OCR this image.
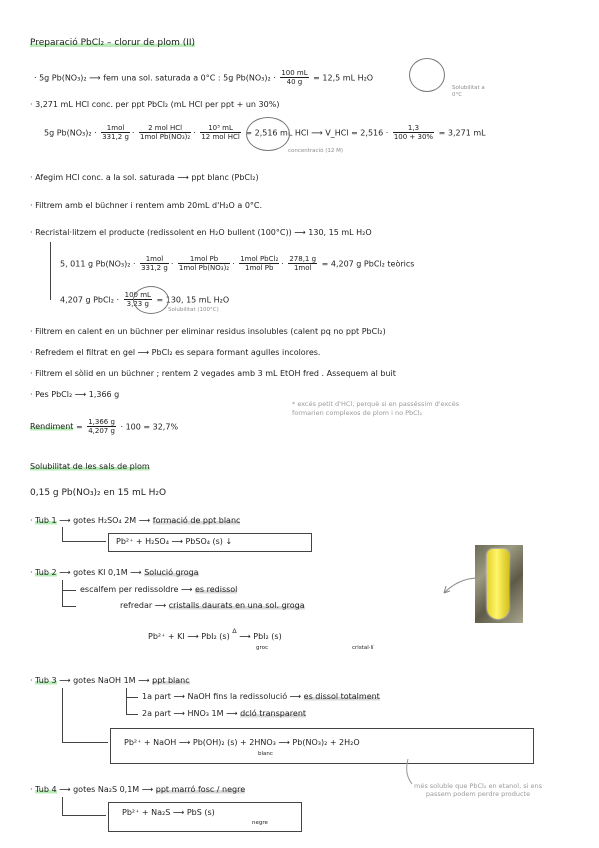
Preparació PbCl₂ – clorur de plom (II)
· 5g Pb(NO₃)₂ ⟶ fem una sol. saturada a 0°C : 5g $Pb(NO_3)_2 \cdot \frac{100 mL}{40 g} = 12,5$ mL H₂O
Solubilitat a 0°C
· 3,271 mL HCl conc. per ppt PbCl₂ (mL HCl per ppt + un 30%)
5g $Pb(NO_3)_2 \cdot \frac{\text{1mol}}{331,2 g} \cdot \frac{\text{2 mol HCl}}{\text{1mol Pb(NO₃)₂}} \cdot \frac{\text{10³ mL}}{\text{12 mol HCl}} = 2,516$ mL HCl ⟶ V_HCl = $2,516 \cdot \frac{1,3}{100 + 30\%} = 3,271$ mL
concentració (12 M)
· Afegim HCl conc. a la sol. saturada ⟶ ppt blanc (PbCl₂)
· Filtrem amb el büchner i rentem amb 20mL d'H₂O a 0°C.
· Recristal·litzem el producte (redissolent en H₂O bullent (100°C)) ⟶ 130, 15 mL H₂O
5, 011 g $Pb(NO_3)_2 \cdot \frac{\text{1mol}}{331,2 g} \cdot \frac{\text{1mol Pb}}{\text{1mol Pb(NO₃)₂}} \cdot \frac{\text{1mol PbCl₂}}{\text{1mol Pb}} \cdot \frac{278,1 g}{\text{1mol}} = 4,207$ g PbCl₂ teòrics
4,207 g PbCl₂ · $\frac{100 mL}{3,23 g} = 130$, 15 mL H₂O
Solubilitat (100°C)
· Filtrem en calent en un büchner per eliminar residus insolubles (calent pq no ppt PbCl₂)
· Refredem el filtrat en gel ⟶ PbCl₂ es separa formant agulles incolores.
· Filtrem el sòlid en un büchner ; rentem 2 vegades amb 3 mL EtOH fred . Assequem al buit
· Pes PbCl₂ ⟶ 1,366 g
Rendiment = $\frac{1,366 g}{4,207 g} \cdot 100 = 32,7\%$
* excés petit d'HCl, perquè si en passéssim d'excés formarien complexos de plom i no PbCl₂
Solubilitat de les sals de plom
0,15 g Pb(NO₃)₂ en 15 mL H₂O
· Tub 1 ⟶ gotes H₂SO₄ 2M ⟶ formació de ppt blanc
Pb²⁺ + H₂SO₄ ⟶ PbSO₄ (s) ↓
· Tub 2 ⟶ gotes KI 0,1M ⟶ Solució groga
escalfem per redissoldre ⟶ es redissol
refredar ⟶ cristalls daurats en una sol. groga
Pb²⁺ + KI ⟶ PbI₂ (s) $^\Delta$ ⟶ PbI₂ (s)
groc	cristal·lí
· Tub 3 ⟶ gotes NaOH 1M ⟶ ppt blanc
1a part ⟶ NaOH fins la redissolució ⟶ es dissol totalment
2a part ⟶ HNO₃ 1M ⟶ dcló transparent
Pb²⁺ + NaOH ⟶ Pb(OH)₂ (s) + 2HNO₃ ⟶ Pb(NO₃)₂ + 2H₂O
blanc
· Tub 4 ⟶ gotes Na₂S 0,1M ⟶ ppt marró fosc / negre
Pb²⁺ + Na₂S ⟶ PbS (s)
negre
més soluble que PbCl₂ en etanol, si ens passem podem perdre producte
